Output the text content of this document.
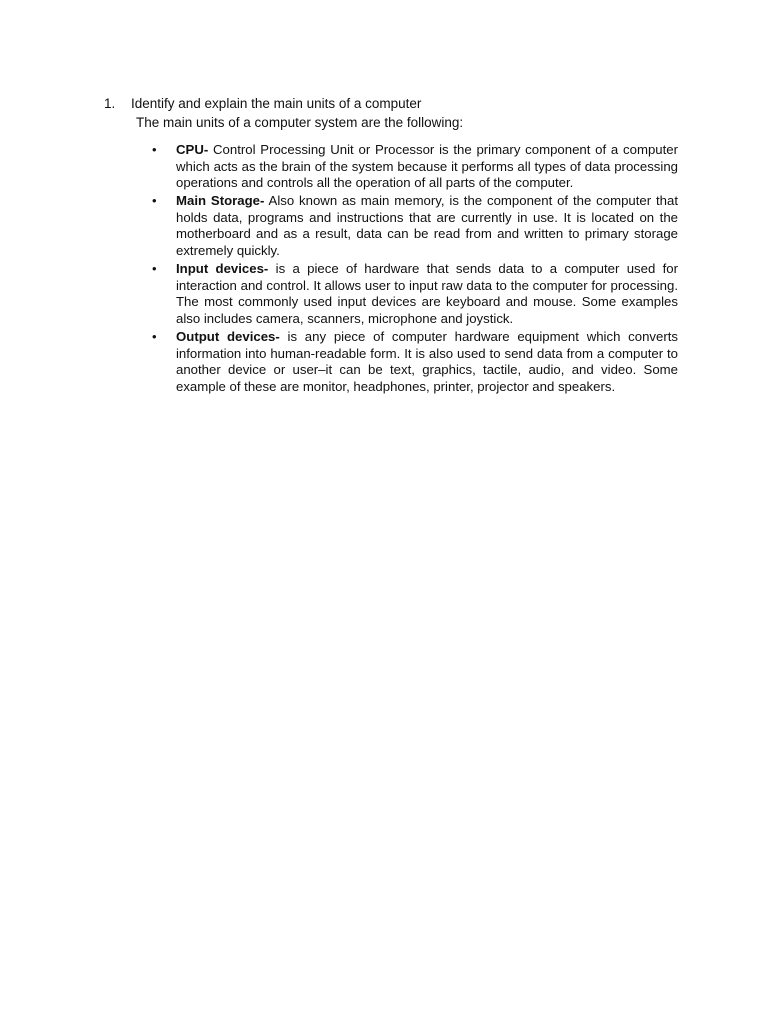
1. Identify and explain the main units of a computer
The main units of a computer system are the following:
• CPU- Control Processing Unit or Processor is the primary component of a computer which acts as the brain of the system because it performs all types of data processing operations and controls all the operation of all parts of the computer.
• Main Storage- Also known as main memory, is the component of the computer that holds data, programs and instructions that are currently in use. It is located on the motherboard and as a result, data can be read from and written to primary storage extremely quickly.
• Input devices- is a piece of hardware that sends data to a computer used for interaction and control. It allows user to input raw data to the computer for processing. The most commonly used input devices are keyboard and mouse. Some examples also includes camera, scanners, microphone and joystick.
• Output devices- is any piece of computer hardware equipment which converts information into human-readable form. It is also used to send data from a computer to another device or user–it can be text, graphics, tactile, audio, and video. Some example of these are monitor, headphones, printer, projector and speakers.
